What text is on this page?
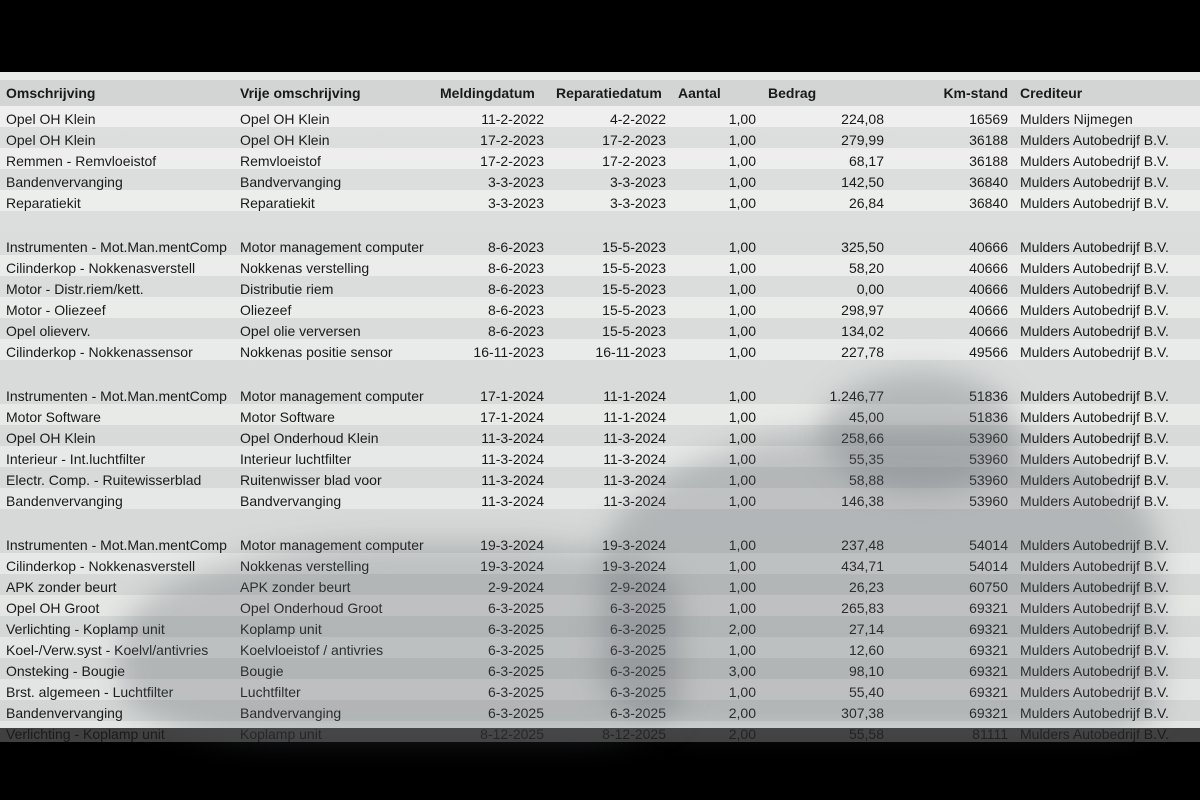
Omschrijving	Vrije omschrijving	Meldingdatum	Reparatiedatum	Aantal	Bedrag	Km-stand	Crediteur
Opel OH Klein	Opel OH Klein	11-2-2022	4-2-2022	1,00	224,08	16569	Mulders Nijmegen
Opel OH Klein	Opel OH Klein	17-2-2023	17-2-2023	1,00	279,99	36188	Mulders Autobedrijf B.V.
Remmen - Remvloeistof	Remvloeistof	17-2-2023	17-2-2023	1,00	68,17	36188	Mulders Autobedrijf B.V.
Bandenvervanging	Bandvervanging	3-3-2023	3-3-2023	1,00	142,50	36840	Mulders Autobedrijf B.V.
Reparatiekit	Reparatiekit	3-3-2023	3-3-2023	1,00	26,84	36840	Mulders Autobedrijf B.V.
Instrumenten - Mot.Man.mentComp	Motor management computer	8-6-2023	15-5-2023	1,00	325,50	40666	Mulders Autobedrijf B.V.
Cilinderkop - Nokkenasverstell	Nokkenas verstelling	8-6-2023	15-5-2023	1,00	58,20	40666	Mulders Autobedrijf B.V.
Motor - Distr.riem/kett.	Distributie riem	8-6-2023	15-5-2023	1,00	0,00	40666	Mulders Autobedrijf B.V.
Motor - Oliezeef	Oliezeef	8-6-2023	15-5-2023	1,00	298,97	40666	Mulders Autobedrijf B.V.
Opel olieverv.	Opel olie verversen	8-6-2023	15-5-2023	1,00	134,02	40666	Mulders Autobedrijf B.V.
Cilinderkop - Nokkenassensor	Nokkenas positie sensor	16-11-2023	16-11-2023	1,00	227,78	49566	Mulders Autobedrijf B.V.
Instrumenten - Mot.Man.mentComp	Motor management computer	17-1-2024	11-1-2024	1,00	1.246,77	51836	Mulders Autobedrijf B.V.
Motor Software	Motor Software	17-1-2024	11-1-2024	1,00	45,00	51836	Mulders Autobedrijf B.V.
Opel OH Klein	Opel Onderhoud Klein	11-3-2024	11-3-2024	1,00	258,66	53960	Mulders Autobedrijf B.V.
Interieur - Int.luchtfilter	Interieur luchtfilter	11-3-2024	11-3-2024	1,00	55,35	53960	Mulders Autobedrijf B.V.
Electr. Comp. - Ruitewisserblad	Ruitenwisser blad voor	11-3-2024	11-3-2024	1,00	58,88	53960	Mulders Autobedrijf B.V.
Bandenvervanging	Bandvervanging	11-3-2024	11-3-2024	1,00	146,38	53960	Mulders Autobedrijf B.V.
Instrumenten - Mot.Man.mentComp	Motor management computer	19-3-2024	19-3-2024	1,00	237,48	54014	Mulders Autobedrijf B.V.
Cilinderkop - Nokkenasverstell	Nokkenas verstelling	19-3-2024	19-3-2024	1,00	434,71	54014	Mulders Autobedrijf B.V.
APK zonder beurt	APK zonder beurt	2-9-2024	2-9-2024	1,00	26,23	60750	Mulders Autobedrijf B.V.
Opel OH Groot	Opel Onderhoud Groot	6-3-2025	6-3-2025	1,00	265,83	69321	Mulders Autobedrijf B.V.
Verlichting - Koplamp unit	Koplamp unit	6-3-2025	6-3-2025	2,00	27,14	69321	Mulders Autobedrijf B.V.
Koel-/Verw.syst - Koelvl/antivries	Koelvloeistof / antivries	6-3-2025	6-3-2025	1,00	12,60	69321	Mulders Autobedrijf B.V.
Onsteking - Bougie	Bougie	6-3-2025	6-3-2025	3,00	98,10	69321	Mulders Autobedrijf B.V.
Brst. algemeen - Luchtfilter	Luchtfilter	6-3-2025	6-3-2025	1,00	55,40	69321	Mulders Autobedrijf B.V.
Bandenvervanging	Bandvervanging	6-3-2025	6-3-2025	2,00	307,38	69321	Mulders Autobedrijf B.V.
Verlichting - Koplamp unit	Koplamp unit	8-12-2025	8-12-2025	2,00	55,58	81111	Mulders Autobedrijf B.V.
